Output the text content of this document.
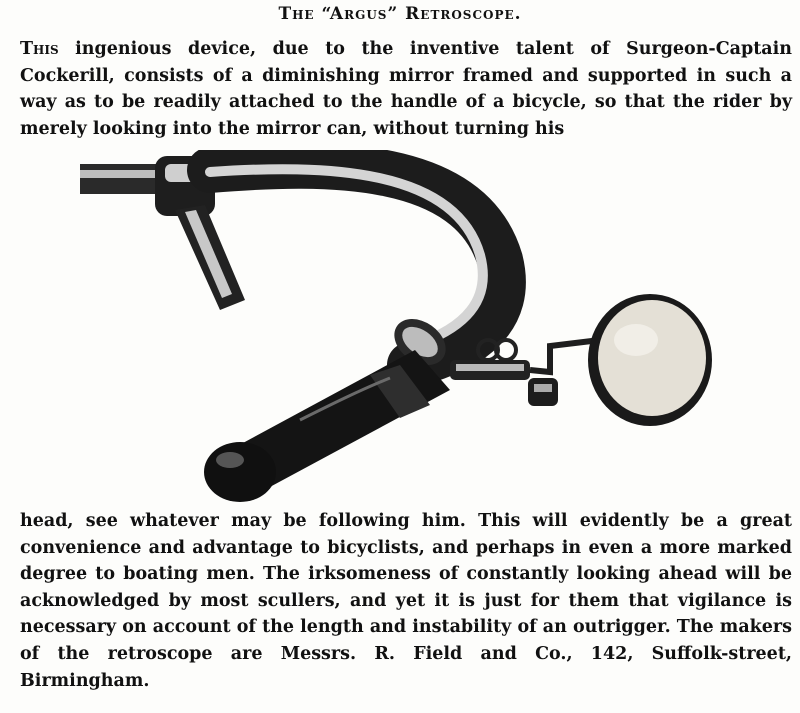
The “Argus” Retroscope.

This ingenious device, due to the inventive talent of Surgeon-Captain Cockerill, consists of a diminishing mirror framed and supported in such a way as to be readily attached to the handle of a bicycle, so that the rider by merely looking into the mirror can, without turning his

head, see whatever may be following him. This will evidently be a great convenience and advantage to bicyclists, and perhaps in even a more marked degree to boating men. The irksomeness of constantly looking ahead will be acknowledged by most scullers, and yet it is just for them that vigilance is necessary on account of the length and instability of an outrigger. The makers of the retroscope are Messrs. R. Field and Co., 142, Suffolk-street, Birmingham.
